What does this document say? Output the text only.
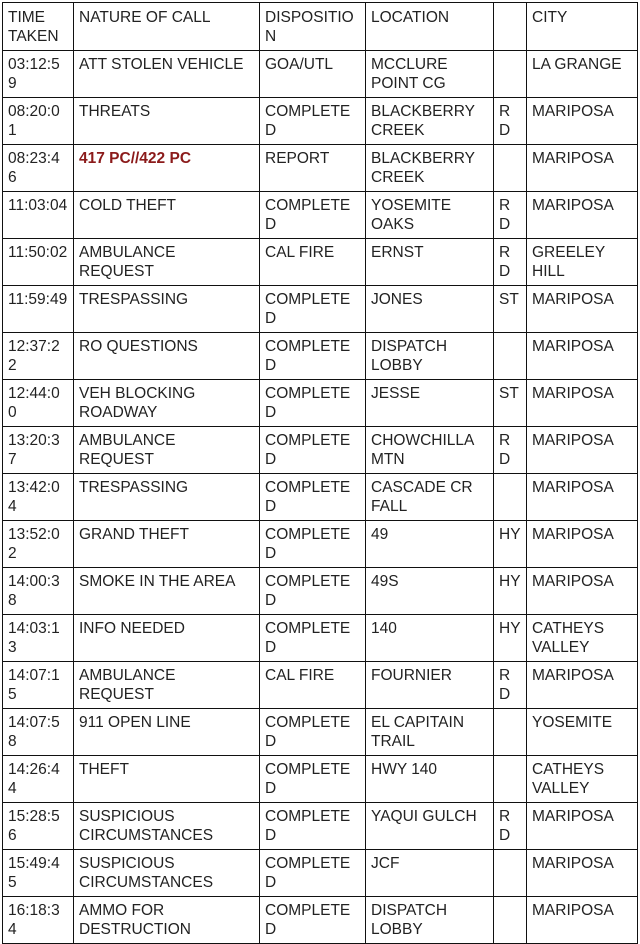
TIME TAKEN	NATURE OF CALL	DISPOSITION	LOCATION		CITY
03:12:59	ATT STOLEN VEHICLE	GOA/UTL	MCCLURE POINT CG		LA GRANGE
08:20:01	THREATS	COMPLETED	BLACKBERRY CREEK	RD	MARIPOSA
08:23:46	417 PC//422 PC	REPORT	BLACKBERRY CREEK		MARIPOSA
11:03:04	COLD THEFT	COMPLETED	YOSEMITE OAKS	RD	MARIPOSA
11:50:02	AMBULANCE REQUEST	CAL FIRE	ERNST	RD	GREELEY HILL
11:59:49	TRESPASSING	COMPLETED	JONES	ST	MARIPOSA
12:37:22	RO QUESTIONS	COMPLETED	DISPATCH LOBBY		MARIPOSA
12:44:00	VEH BLOCKING ROADWAY	COMPLETED	JESSE	ST	MARIPOSA
13:20:37	AMBULANCE REQUEST	COMPLETED	CHOWCHILLA MTN	RD	MARIPOSA
13:42:04	TRESPASSING	COMPLETED	CASCADE CR FALL		MARIPOSA
13:52:02	GRAND THEFT	COMPLETED	49	HY	MARIPOSA
14:00:38	SMOKE IN THE AREA	COMPLETED	49S	HY	MARIPOSA
14:03:13	INFO NEEDED	COMPLETED	140	HY	CATHEYS VALLEY
14:07:15	AMBULANCE REQUEST	CAL FIRE	FOURNIER	RD	MARIPOSA
14:07:58	911 OPEN LINE	COMPLETED	EL CAPITAIN TRAIL		YOSEMITE
14:26:44	THEFT	COMPLETED	HWY 140		CATHEYS VALLEY
15:28:56	SUSPICIOUS CIRCUMSTANCES	COMPLETED	YAQUI GULCH	RD	MARIPOSA
15:49:45	SUSPICIOUS CIRCUMSTANCES	COMPLETED	JCF		MARIPOSA
16:18:34	AMMO FOR DESTRUCTION	COMPLETED	DISPATCH LOBBY		MARIPOSA
